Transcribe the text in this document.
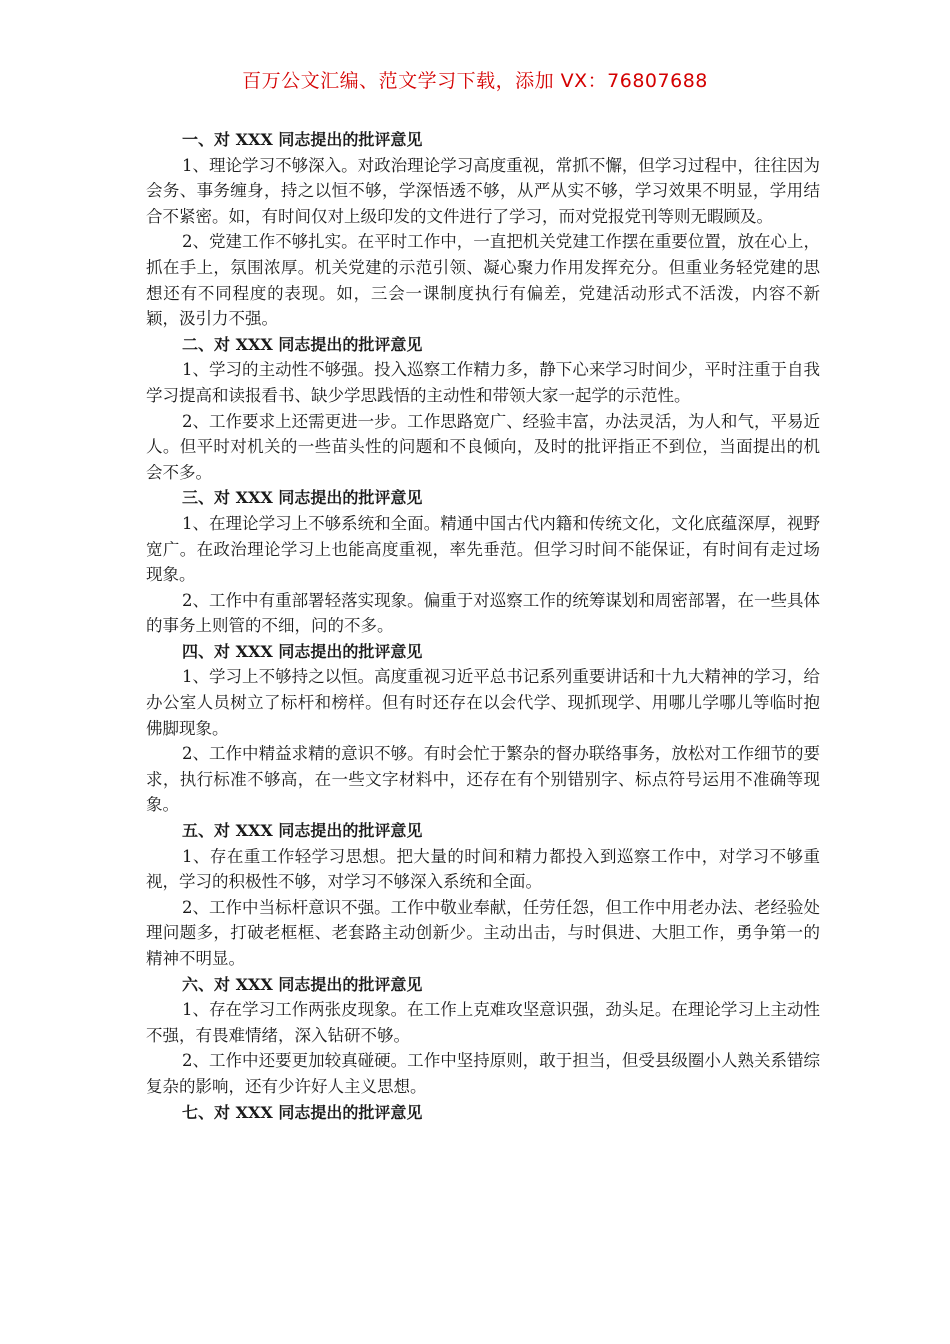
百万公文汇编、范文学习下载，添加 VX：76807688

一、对 XXX 同志提出的批评意见

1、理论学习不够深入。对政治理论学习高度重视，常抓不懈，但学习过程中，往往因为会务、事务缠身，持之以恒不够，学深悟透不够，从严从实不够，学习效果不明显，学用结合不紧密。如，有时间仅对上级印发的文件进行了学习，而对党报党刊等则无暇顾及。

2、党建工作不够扎实。在平时工作中，一直把机关党建工作摆在重要位置，放在心上，抓在手上，氛围浓厚。机关党建的示范引领、凝心聚力作用发挥充分。但重业务轻党建的思想还有不同程度的表现。如，三会一课制度执行有偏差，党建活动形式不活泼，内容不新颖，汲引力不强。

二、对 XXX 同志提出的批评意见

1、学习的主动性不够强。投入巡察工作精力多，静下心来学习时间少，平时注重于自我学习提高和读报看书、缺少学思践悟的主动性和带领大家一起学的示范性。

2、工作要求上还需更进一步。工作思路宽广、经验丰富，办法灵活，为人和气，平易近人。但平时对机关的一些苗头性的问题和不良倾向，及时的批评指正不到位，当面提出的机会不多。

三、对 XXX 同志提出的批评意见

1、在理论学习上不够系统和全面。精通中国古代内籍和传统文化，文化底蕴深厚，视野宽广。在政治理论学习上也能高度重视，率先垂范。但学习时间不能保证，有时间有走过场现象。

2、工作中有重部署轻落实现象。偏重于对巡察工作的统筹谋划和周密部署，在一些具体的事务上则管的不细，问的不多。

四、对 XXX 同志提出的批评意见

1、学习上不够持之以恒。高度重视习近平总书记系列重要讲话和十九大精神的学习，给办公室人员树立了标杆和榜样。但有时还存在以会代学、现抓现学、用哪儿学哪儿等临时抱佛脚现象。

2、工作中精益求精的意识不够。有时会忙于繁杂的督办联络事务，放松对工作细节的要求，执行标准不够高，在一些文字材料中，还存在有个别错别字、标点符号运用不准确等现象。

五、对 XXX 同志提出的批评意见

1、存在重工作轻学习思想。把大量的时间和精力都投入到巡察工作中，对学习不够重视，学习的积极性不够，对学习不够深入系统和全面。

2、工作中当标杆意识不强。工作中敬业奉献，任劳任怨，但工作中用老办法、老经验处理问题多，打破老框框、老套路主动创新少。主动出击，与时俱进、大胆工作，勇争第一的精神不明显。

六、对 XXX 同志提出的批评意见

1、存在学习工作两张皮现象。在工作上克难攻坚意识强，劲头足。在理论学习上主动性不强，有畏难情绪，深入钻研不够。

2、工作中还要更加较真碰硬。工作中坚持原则，敢于担当，但受县级圈小人熟关系错综复杂的影响，还有少许好人主义思想。

七、对 XXX 同志提出的批评意见
